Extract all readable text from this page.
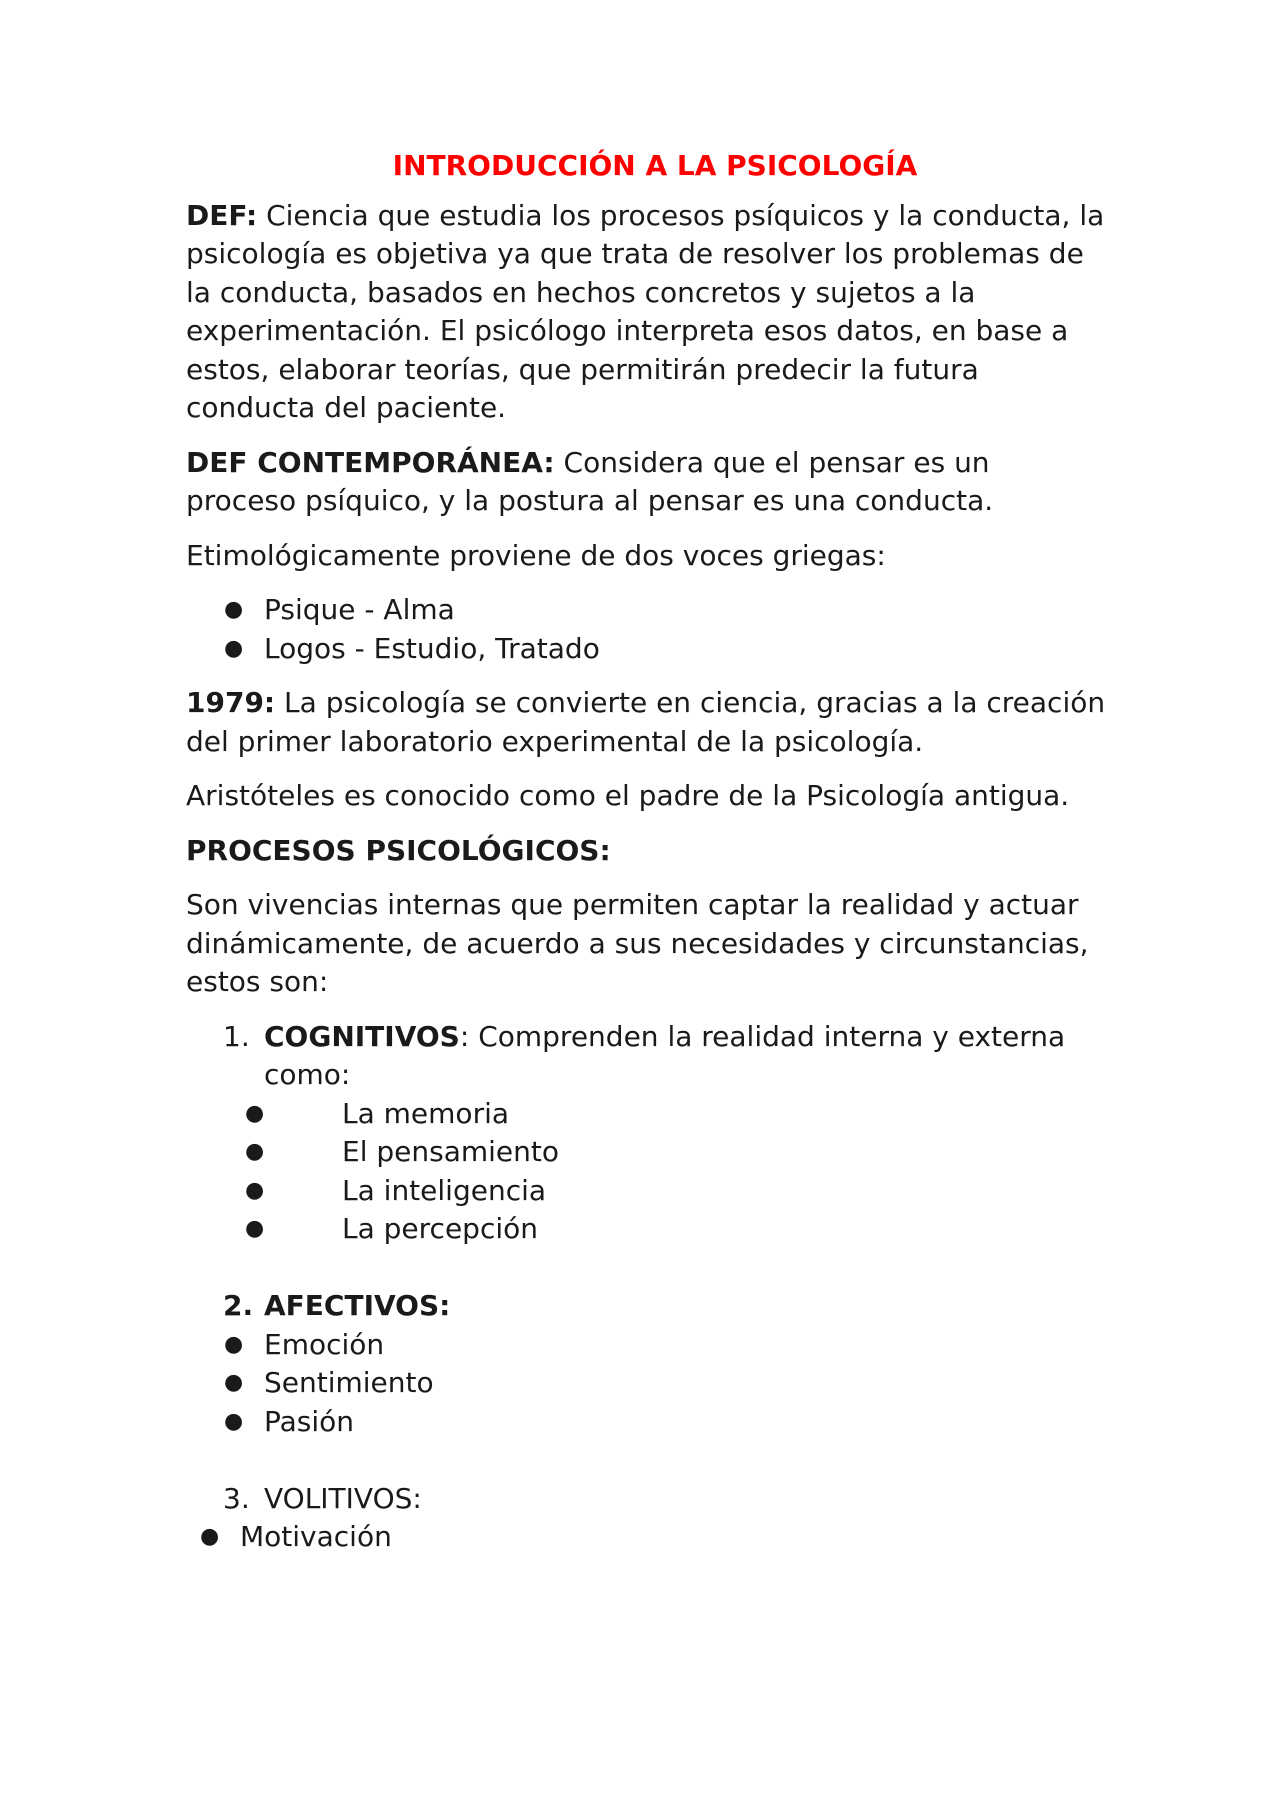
INTRODUCCIÓN A LA PSICOLOGÍA

DEF: Ciencia que estudia los procesos psíquicos y la conducta, la psicología es objetiva ya que trata de resolver los problemas de la conducta, basados en hechos concretos y sujetos a la experimentación. El psicólogo interpreta esos datos, en base a estos, elaborar teorías, que permitirán predecir la futura conducta del paciente.

DEF CONTEMPORÁNEA: Considera que el pensar es un proceso psíquico, y la postura al pensar es una conducta.

Etimológicamente proviene de dos voces griegas:

● Psique - Alma
● Logos - Estudio, Tratado

1979: La psicología se convierte en ciencia, gracias a la creación del primer laboratorio experimental de la psicología.

Aristóteles es conocido como el padre de la Psicología antigua.

PROCESOS PSICOLÓGICOS:

Son vivencias internas que permiten captar la realidad y actuar dinámicamente, de acuerdo a sus necesidades y circunstancias, estos son:

1. COGNITIVOS: Comprenden la realidad interna y externa como:
●	La memoria
●	El pensamiento
●	La inteligencia
●	La percepción
2. AFECTIVOS:
● Emoción
● Sentimiento
● Pasión
3. VOLITIVOS:
● Motivación
